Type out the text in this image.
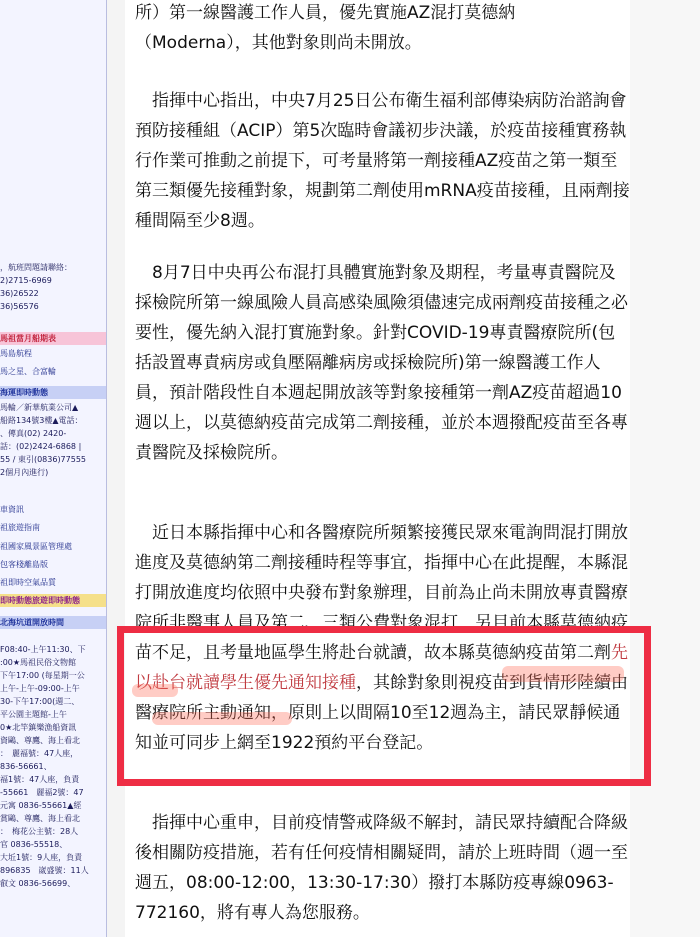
，航班問題請聯絡：
2)2715-6969
36)26522
36)56576
馬祖當月船期表
馬島航程
馬之星、合富輪
海運即時動態
馬輪／新華航業公司▲
船路134號3樓▲電話：
、傳真(02) 2420-
話：(02)2424-6868 |
55 / 東引(0836)77555
2個月內進行)
車資訊
祖旅遊指南
祖國家風景區管理處
包客棧離島版
祖即時空氣品質
即時動態旅遊即時動態
北海坑道開放時間
F08:40-上午11:30、下
:00★馬祖民俗文物館
下午17:00 (每星期一公
上午-上午-09:00-上午
30-下午17:00(週二、
平公園主題館-上午
0★北竿鎮樂漁船資訊
資鷗、尊鷹、海上看北
：　麗福號：47人座，
836-56661、
福1號：47人座，負責
-55661　麗福2號：47
元寓 0836-55661▲經
賞鷗、尊鷹、海上看北
：　梅花公主號：28人
官 0836-55518、
大坵1號：9人座，負責
896835　崴盛號：11人
叡文 0836-56699、

所）第一線醫護工作人員，優先實施AZ混打莫德納
（Moderna），其他對象則尚未開放。

　指揮中心指出，中央7月25日公布衛生福利部傳染病防治諮詢會預防接種組（ACIP）第5次臨時會議初步決議，於疫苗接種實務執行作業可推動之前提下，可考量將第一劑接種AZ疫苗之第一類至第三類優先接種對象，規劃第二劑使用mRNA疫苗接種，且兩劑接種間隔至少8週。

　8月7日中央再公布混打具體實施對象及期程，考量專責醫院及採檢院所第一線風險人員高感染風險須儘速完成兩劑疫苗接種之必要性，優先納入混打實施對象。針對COVID-19專責醫療院所(包括設置專責病房或負壓隔離病房或採檢院所)第一線醫護工作人員，預計階段性自本週起開放該等對象接種第一劑AZ疫苗超過10週以上，以莫德納疫苗完成第二劑接種，並於本週撥配疫苗至各專責醫院及採檢院所。

　近日本縣指揮中心和各醫療院所頻繁接獲民眾來電詢問混打開放進度及莫德納第二劑接種時程等事宜，指揮中心在此提醒，本縣混打開放進度均依照中央發布對象辦理，目前為止尚未開放專責醫療院所非醫事人員及第二、三類公費對象混打，另目前本縣莫德納疫苗不足，且考量地區學生將赴台就讀，故本縣莫德納疫苗第二劑先以赴台就讀學生優先通知接種，其餘對象則視疫苗到貨情形陸續由醫療院所主動通知，原則上以間隔10至12週為主，請民眾靜候通知並可同步上網至1922預約平台登記。

　指揮中心重申，目前疫情警戒降級不解封，請民眾持續配合降級後相關防疫措施，若有任何疫情相關疑問，請於上班時間（週一至週五，08:00-12:00，13:30-17:30）撥打本縣防疫專線0963-772160，將有專人為您服務。
